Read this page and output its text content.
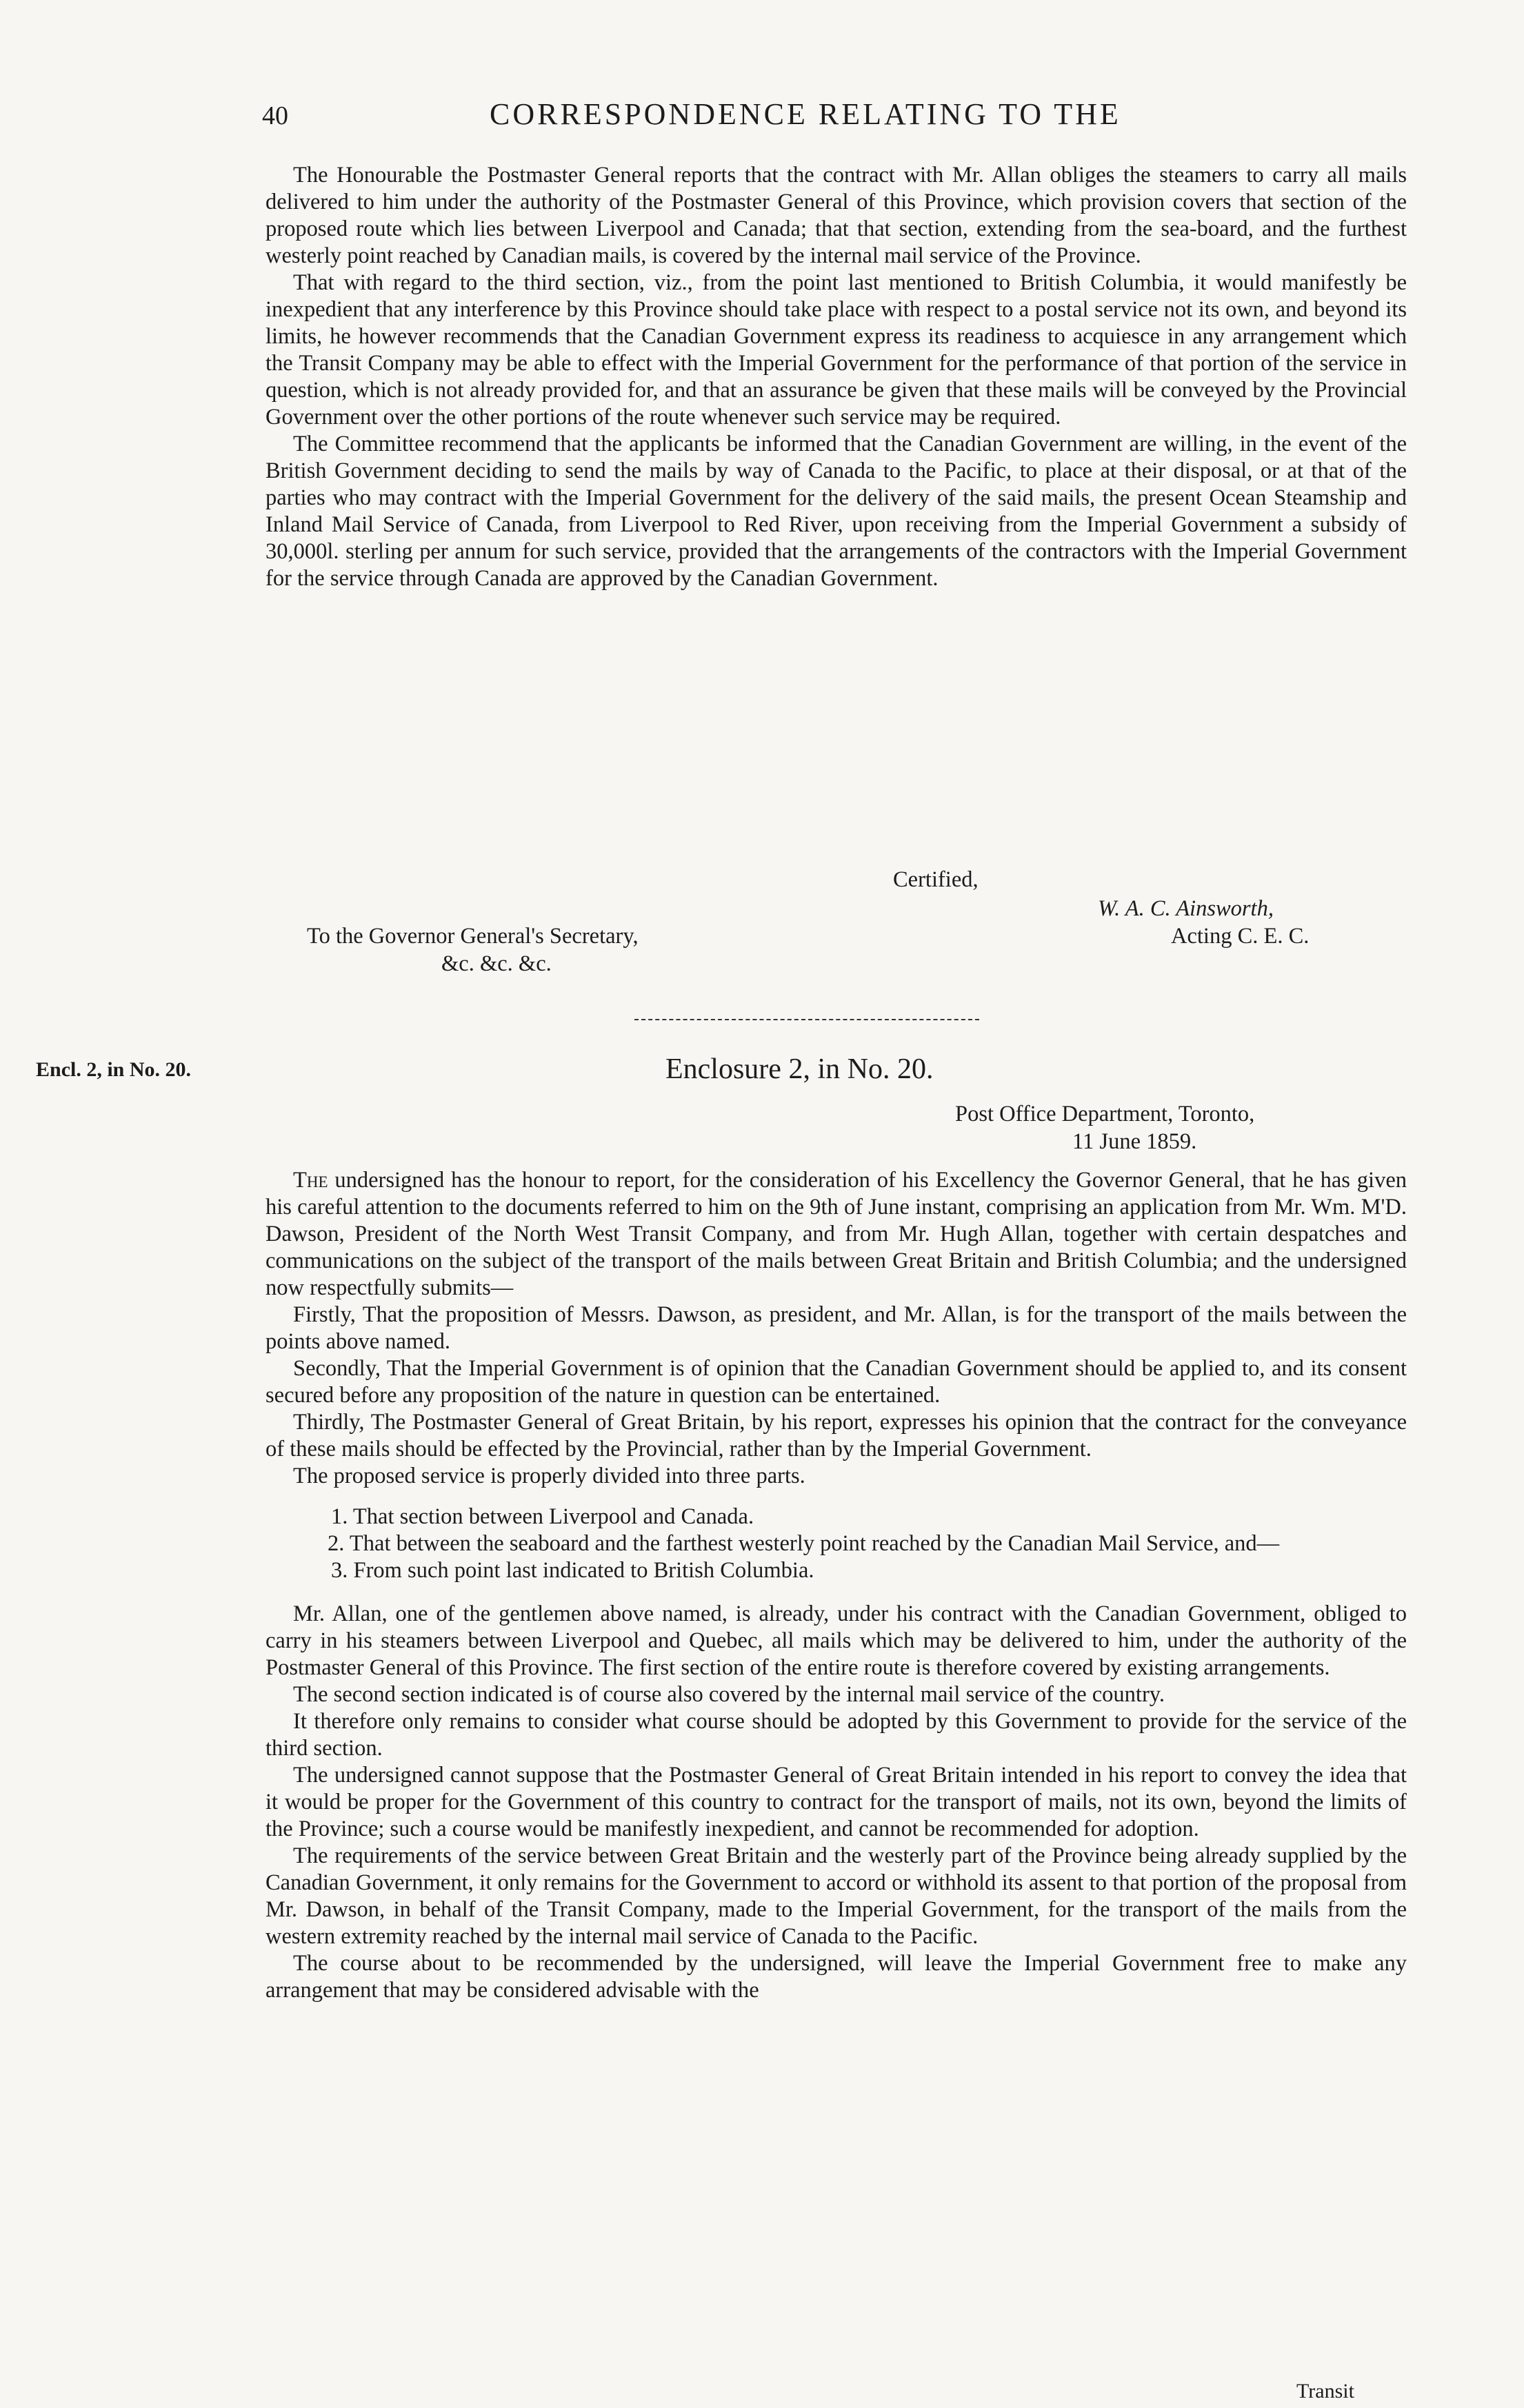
40	CORRESPONDENCE RELATING TO THE

The Honourable the Postmaster General reports that the contract with Mr. Allan obliges the steamers to carry all mails delivered to him under the authority of the Postmaster General of this Province, which provision covers that section of the proposed route which lies between Liverpool and Canada; that that section, extending from the sea-board, and the furthest westerly point reached by Canadian mails, is covered by the internal mail service of the Province.

That with regard to the third section, viz., from the point last mentioned to British Columbia, it would manifestly be inexpedient that any interference by this Province should take place with respect to a postal service not its own, and beyond its limits, he however recommends that the Canadian Government express its readiness to acquiesce in any arrangement which the Transit Company may be able to effect with the Imperial Government for the performance of that portion of the service in question, which is not already provided for, and that an assurance be given that these mails will be conveyed by the Provincial Government over the other portions of the route whenever such service may be required.

The Committee recommend that the applicants be informed that the Canadian Government are willing, in the event of the British Government deciding to send the mails by way of Canada to the Pacific, to place at their disposal, or at that of the parties who may contract with the Imperial Government for the delivery of the said mails, the present Ocean Steamship and Inland Mail Service of Canada, from Liverpool to Red River, upon receiving from the Imperial Government a subsidy of 30,000l. sterling per annum for such service, provided that the arrangements of the contractors with the Imperial Government for the service through Canada are approved by the Canadian Government.

Certified,
W. A. C. Ainsworth,
Acting C. E. C.
To the Governor General's Secretary,
&c. &c. &c.
Encl. 2, in No. 20.	Enclosure 2, in No. 20.
Post Office Department, Toronto,
11 June 1859.

The undersigned has the honour to report, for the consideration of his Excellency the Governor General, that he has given his careful attention to the documents referred to him on the 9th of June instant, comprising an application from Mr. Wm. M'D. Dawson, President of the North West Transit Company, and from Mr. Hugh Allan, together with certain despatches and communications on the subject of the transport of the mails between Great Britain and British Columbia; and the undersigned now respectfully submits—

Firstly, That the proposition of Messrs. Dawson, as president, and Mr. Allan, is for the transport of the mails between the points above named.

Secondly, That the Imperial Government is of opinion that the Canadian Government should be applied to, and its consent secured before any proposition of the nature in question can be entertained.

Thirdly, The Postmaster General of Great Britain, by his report, expresses his opinion that the contract for the conveyance of these mails should be effected by the Provincial, rather than by the Imperial Government.

The proposed service is properly divided into three parts.

1. That section between Liverpool and Canada.

2. That between the seaboard and the farthest westerly point reached by the Canadian Mail Service, and—

3. From such point last indicated to British Columbia.

Mr. Allan, one of the gentlemen above named, is already, under his contract with the Canadian Government, obliged to carry in his steamers between Liverpool and Quebec, all mails which may be delivered to him, under the authority of the Postmaster General of this Province. The first section of the entire route is therefore covered by existing arrangements.

The second section indicated is of course also covered by the internal mail service of the country.

It therefore only remains to consider what course should be adopted by this Government to provide for the service of the third section.

The undersigned cannot suppose that the Postmaster General of Great Britain intended in his report to convey the idea that it would be proper for the Government of this country to contract for the transport of mails, not its own, beyond the limits of the Province; such a course would be manifestly inexpedient, and cannot be recommended for adoption.

The requirements of the service between Great Britain and the westerly part of the Province being already supplied by the Canadian Government, it only remains for the Government to accord or withhold its assent to that portion of the proposal from Mr. Dawson, in behalf of the Transit Company, made to the Imperial Government, for the transport of the mails from the western extremity reached by the internal mail service of Canada to the Pacific.

The course about to be recommended by the undersigned, will leave the Imperial Government free to make any arrangement that may be considered advisable with the

Transit
